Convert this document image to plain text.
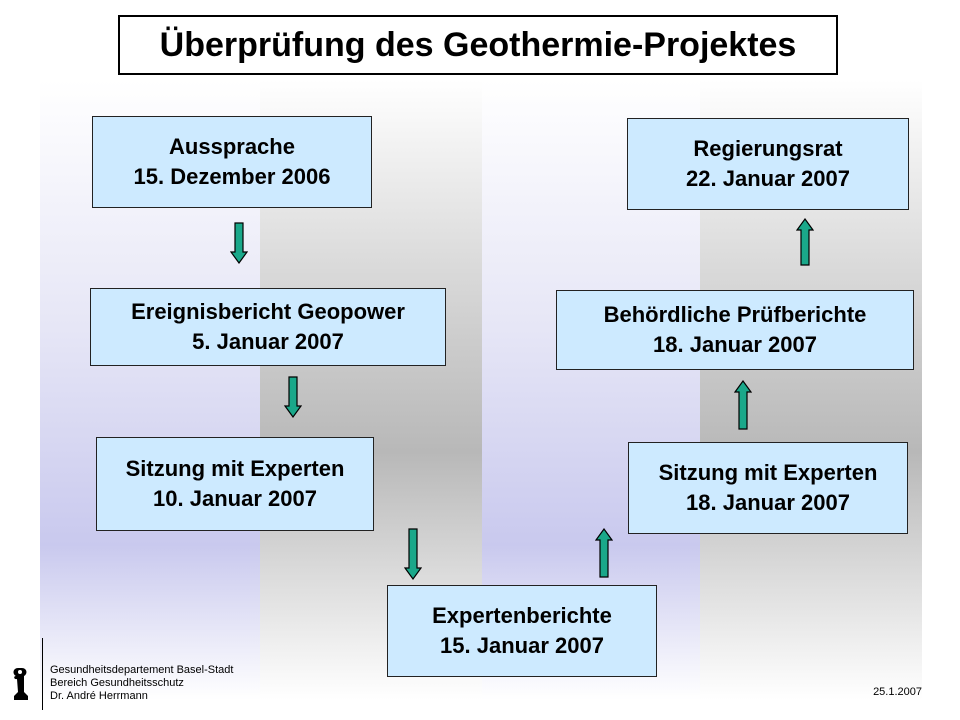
Überprüfung des Geothermie-Projektes
Aussprache
15. Dezember 2006
Ereignisbericht Geopower
5. Januar 2007
Sitzung mit Experten
10. Januar 2007
Expertenberichte
15. Januar 2007
Sitzung mit Experten
18. Januar 2007
Behördliche Prüfberichte
18. Januar 2007
Regierungsrat
22. Januar 2007
Gesundheitsdepartement Basel-Stadt
Bereich Gesundheitsschutz
Dr. André Herrmann	25.1.2007
